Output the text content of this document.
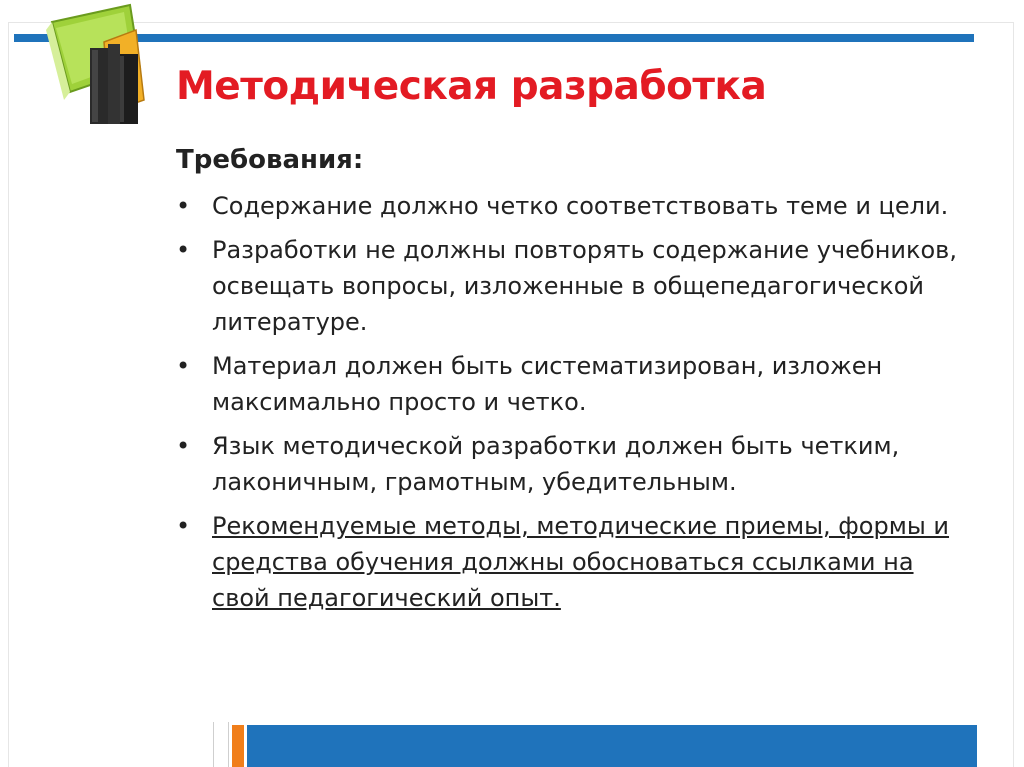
Методическая разработка
Требования:
• Содержание должно четко соответствовать теме и цели.
• Разработки не должны повторять содержание учебников, освещать вопросы, изложенные в общепедагогической литературе.
• Материал должен быть систематизирован, изложен максимально просто и четко.
• Язык методической разработки должен быть четким, лаконичным, грамотным, убедительным.
• Рекомендуемые методы, методические приемы, формы и средства обучения должны обосноваться ссылками на свой педагогический опыт.
